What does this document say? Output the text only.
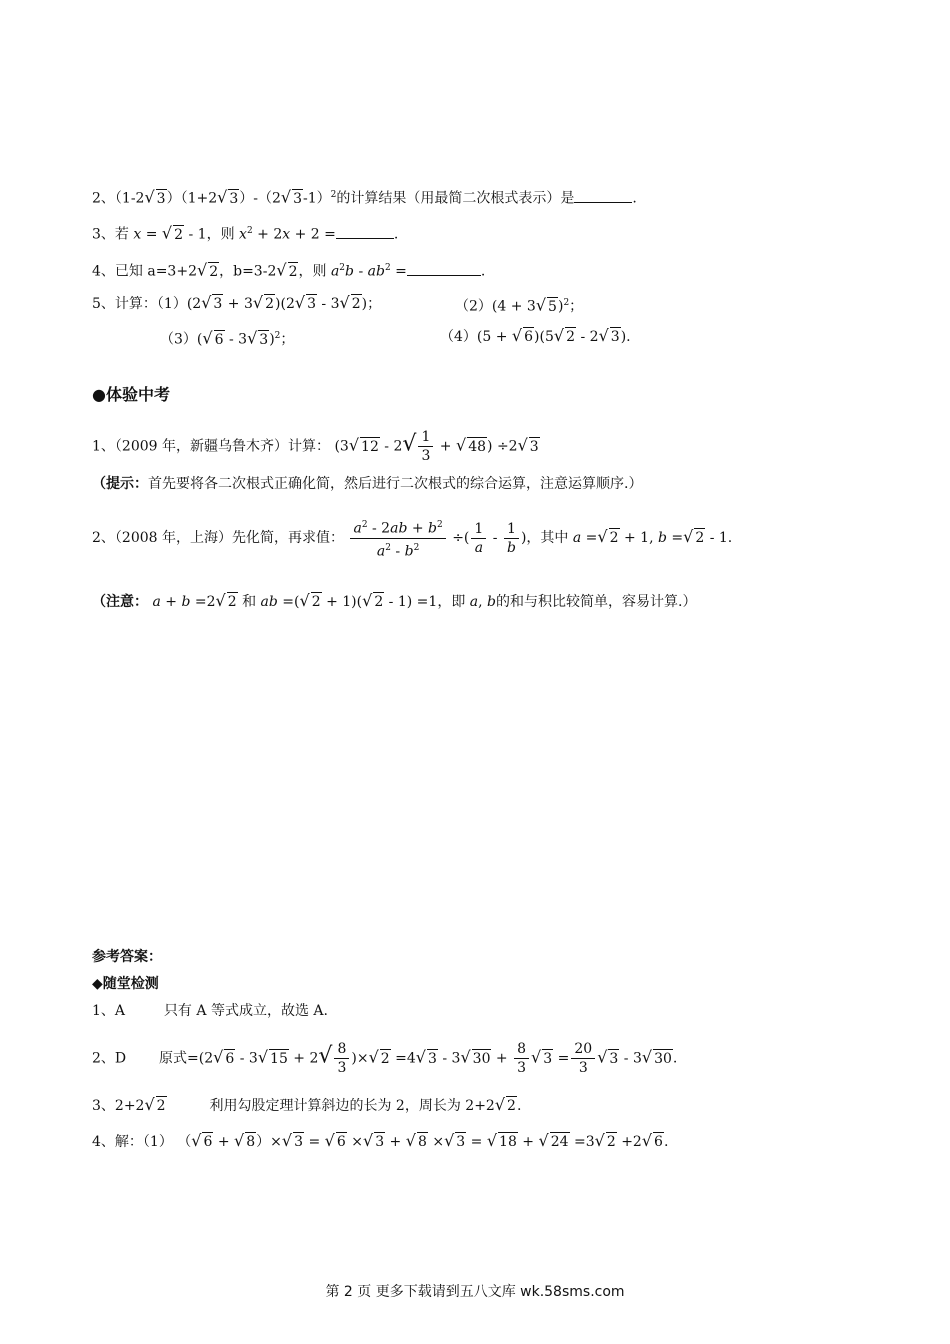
2、（1-2√ 3）（1+2√ 3）-（2√ 3-1）$^2$的计算结果（用最简二次根式表示）是	.
3、若 x = √ 2 - 1，则 $x^2 + 2x + 2$ =	.
4、已知 a=3+2√ 2，b=3-2√ 2，则 $a^2b - ab^2$ =	.
5、计算：（1）(2√ 3 + 3√ 2)(2√ 3 - 3√ 2)；	（2）(4 + 3√ 5)$^2$；
（3）(√ 6 - 3√ 3)$^2$；	（4）(5 + √ 6)(5√ 2 - 2√ 3).
●体验中考
1、（2009 年，新疆乌鲁木齐）计算： (3√ $12 - 2√ \frac{1}{3}$ + √ 48) ÷2√ 3
（提示：首先要将各二次根式正确化简，然后进行二次根式的综合运算，注意运算顺序.）
2、（2008 年，上海）先化简，再求值： $\frac{a^2 - 2ab + b^2}{a^2 - b^2}$ ÷( $\frac{1}{a} - \frac{1}{b}$ )，其中 a =√ 2 + 1, b =√ 2 - 1.
（注意： a + b =2√ 2 和 ab =(√ 2 + 1)(√ 2 - 1) =1，即 a, b的和与积比较简单，容易计算.）
参考答案：
◆随堂检测
1、A	只有 A 等式成立，故选 A.
2、D 原式=(2√ 6 - 3√ $15 + 2√ \frac{8}{3}$ )×√ 2 =4√ 3 - 3√ $30 + \frac{8}{3}$ √ $3 = \frac{20}{3}$ √ 3 - 3√ 30.
3、2+2√ 2	利用勾股定理计算斜边的长为 2，周长为 2+2√ 2.
4、解：（1） （√ 6 + √ 8）×√ 3 = √ 6 ×√ 3 + √ 8 ×√ 3 = √ 18 + √ 24 =3√ 2 +2√ 6.
第 2 页 更多下载请到五八文库 wk.58sms.com
